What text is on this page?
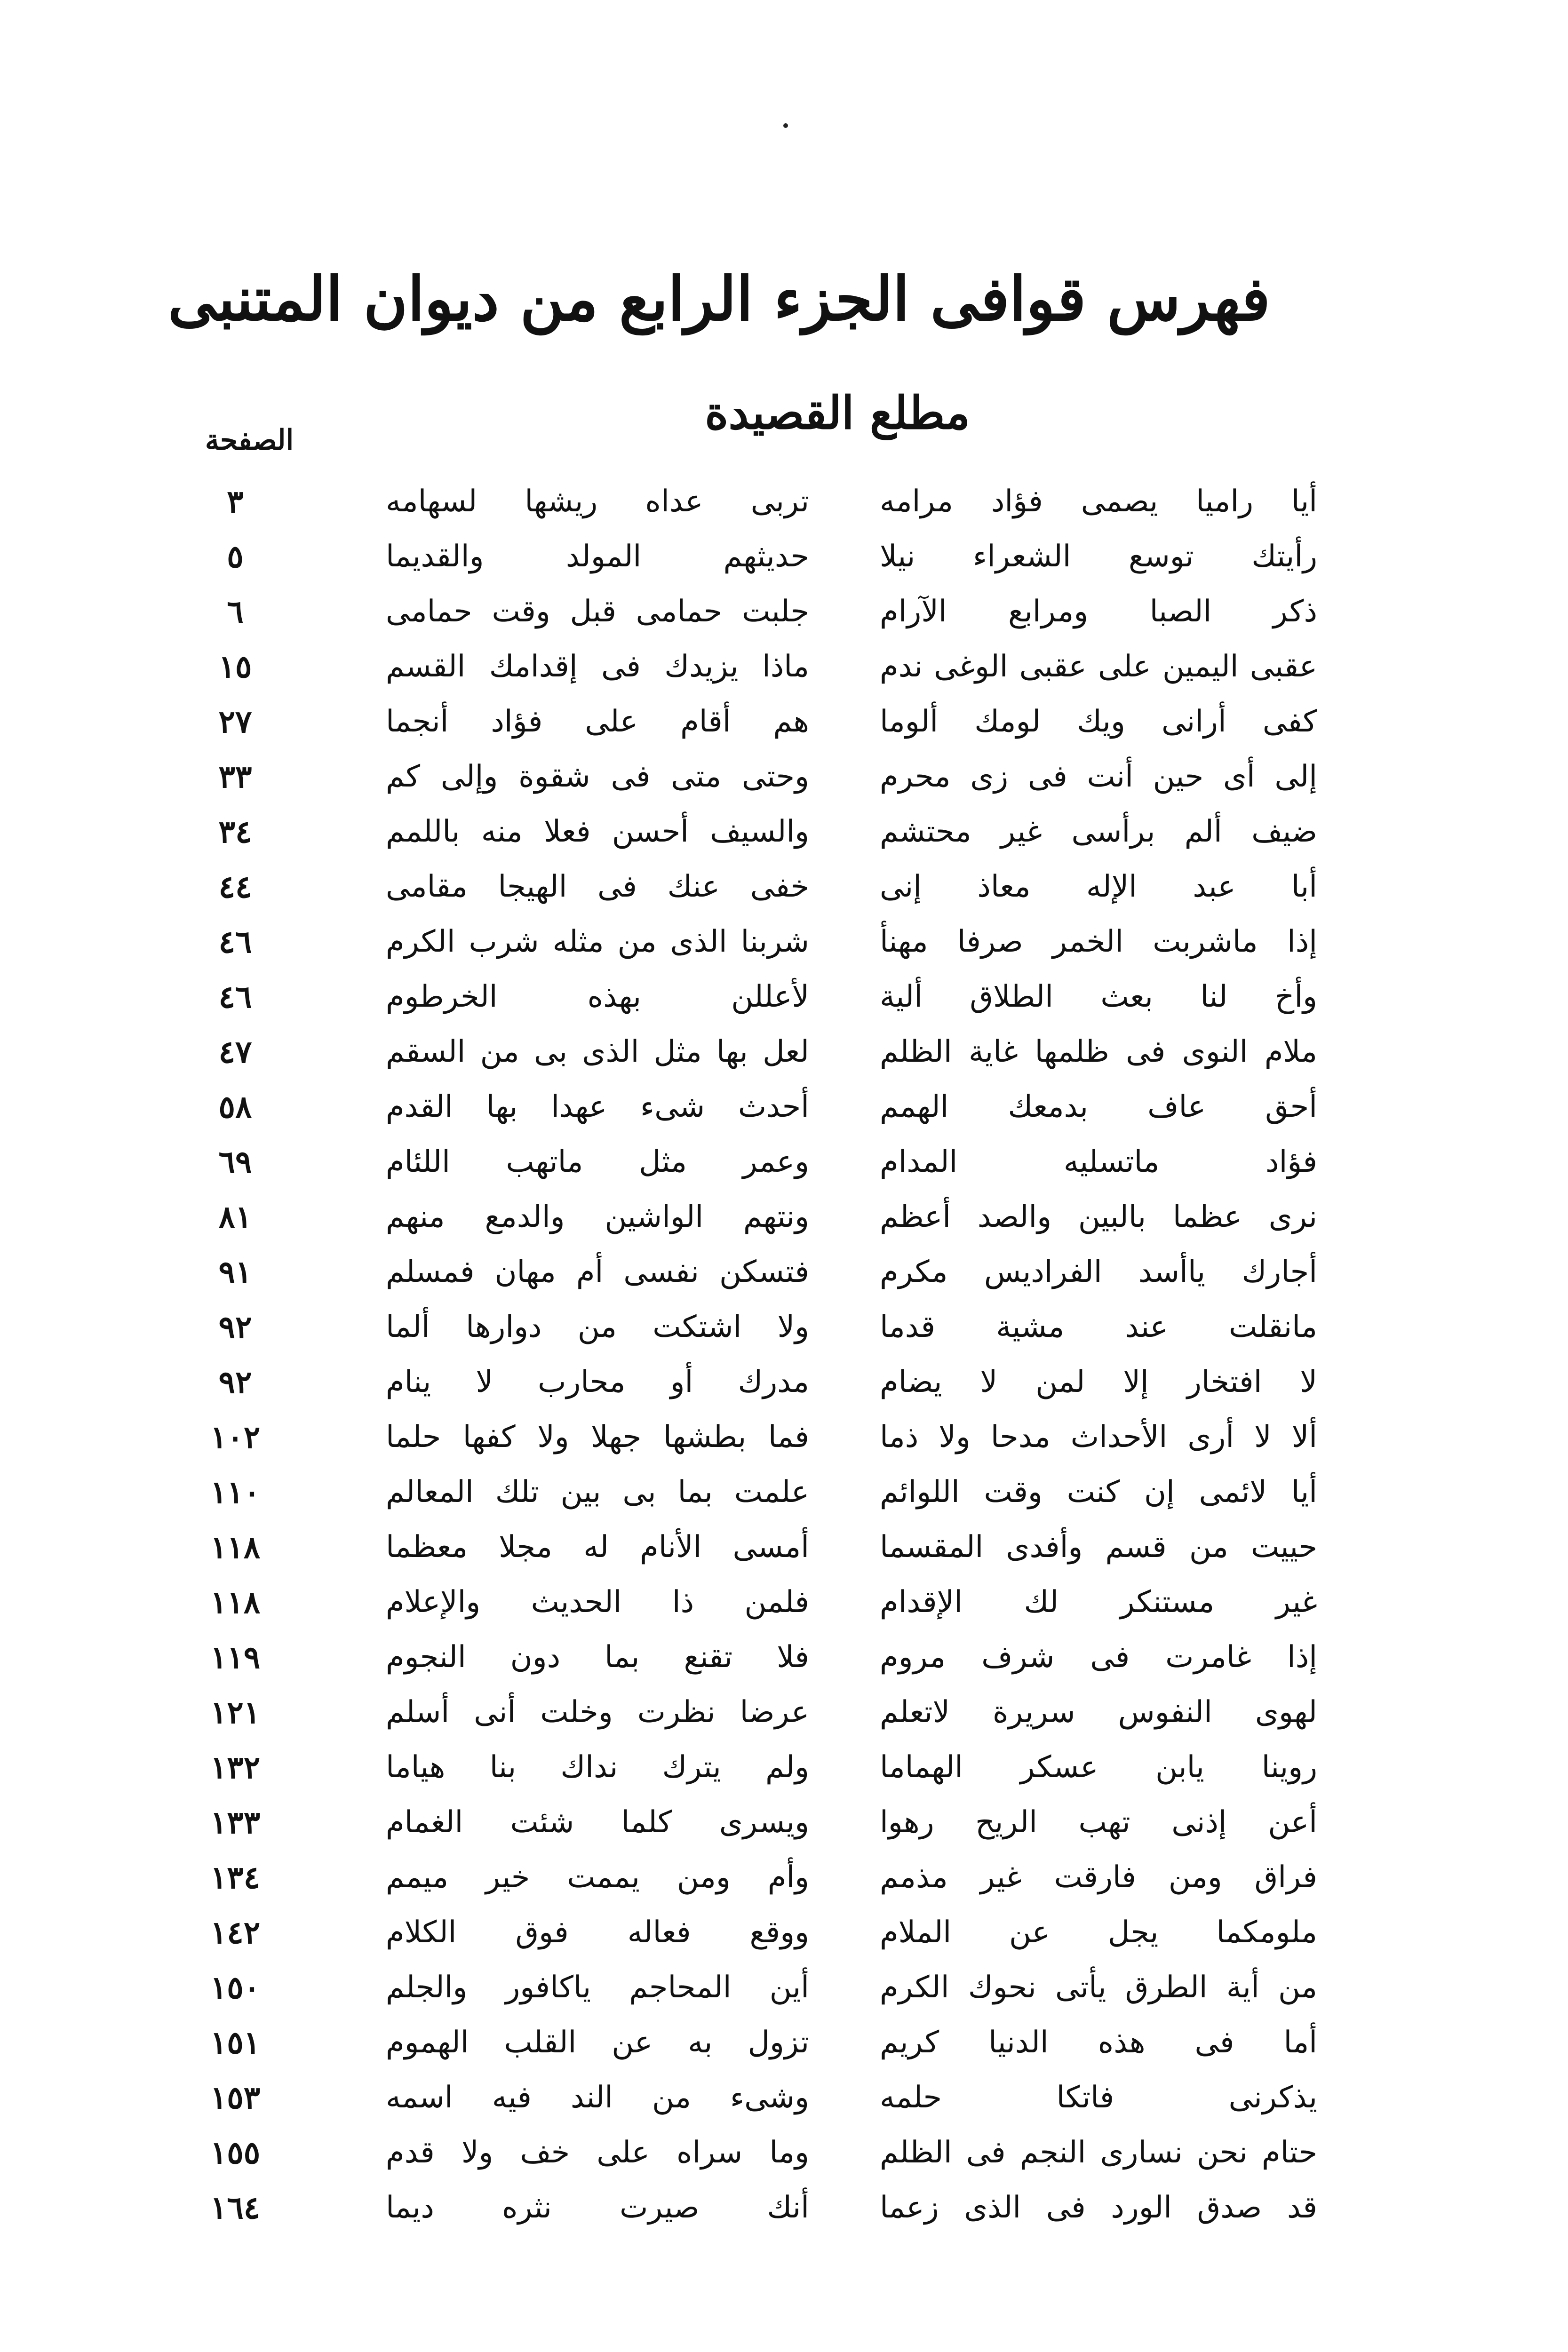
فهرس قوافى الجزء الرابع من ديوان المتنبى
مطلع القصيدة
الصفحة
أيا راميا يصمى فؤاد مرامه
تربى عداه ريشها لسهامه
٣
رأيتك توسع الشعراء نيلا
حديثهم المولد والقديما
٥
ذكر الصبا ومرابع الآرام
جلبت حمامى قبل وقت حمامى
٦
عقبى اليمين على عقبى الوغى ندم
ماذا يزيدك فى إقدامك القسم
١٥
كفى أرانى ويك لومك ألوما
هم أقام على فؤاد أنجما
٢٧
إلى أى حين أنت فى زى محرم
وحتى متى فى شقوة وإلى كم
٣٣
ضيف ألم برأسى غير محتشم
والسيف أحسن فعلا منه باللمم
٣٤
أبا عبد الإله معاذ إنى
خفى عنك فى الهيجا مقامى
٤٤
إذا ماشربت الخمر صرفا مهنأ
شربنا الذى من مثله شرب الكرم
٤٦
وأخ لنا بعث الطلاق ألية
لأعللن بهذه الخرطوم
٤٦
ملام النوى فى ظلمها غاية الظلم
لعل بها مثل الذى بى من السقم
٤٧
أحق عاف بدمعك الهمم
أحدث شىء عهدا بها القدم
٥٨
فؤاد ماتسليه المدام
وعمر مثل ماتهب اللئام
٦٩
نرى عظما بالبين والصد أعظم
ونتهم الواشين والدمع منهم
٨١
أجارك ياأسد الفراديس مكرم
فتسكن نفسى أم مهان فمسلم
٩١
مانقلت عند مشية قدما
ولا اشتكت من دوارها ألما
٩٢
لا افتخار إلا لمن لا يضام
مدرك أو محارب لا ينام
٩٢
ألا لا أرى الأحداث مدحا ولا ذما
فما بطشها جهلا ولا كفها حلما
١٠٢
أيا لائمى إن كنت وقت اللوائم
علمت بما بى بين تلك المعالم
١١٠
حييت من قسم وأفدى المقسما
أمسى الأنام له مجلا معظما
١١٨
غير مستنكر لك الإقدام
فلمن ذا الحديث والإعلام
١١٨
إذا غامرت فى شرف مروم
فلا تقنع بما دون النجوم
١١٩
لهوى النفوس سريرة لاتعلم
عرضا نظرت وخلت أنى أسلم
١٢١
روينا يابن عسكر الهماما
ولم يترك نداك بنا هياما
١٣٢
أعن إذنى تهب الريح رهوا
ويسرى كلما شئت الغمام
١٣٣
فراق ومن فارقت غير مذمم
وأم ومن يممت خير ميمم
١٣٤
ملومكما يجل عن الملام
ووقع فعاله فوق الكلام
١٤٢
من أية الطرق يأتى نحوك الكرم
أين المحاجم ياكافور والجلم
١٥٠
أما فى هذه الدنيا كريم
تزول به عن القلب الهموم
١٥١
يذكرنى فاتكا حلمه
وشىء من الند فيه اسمه
١٥٣
حتام نحن نسارى النجم فى الظلم
وما سراه على خف ولا قدم
١٥٥
قد صدق الورد فى الذى زعما
أنك صيرت نثره ديما
١٦٤
